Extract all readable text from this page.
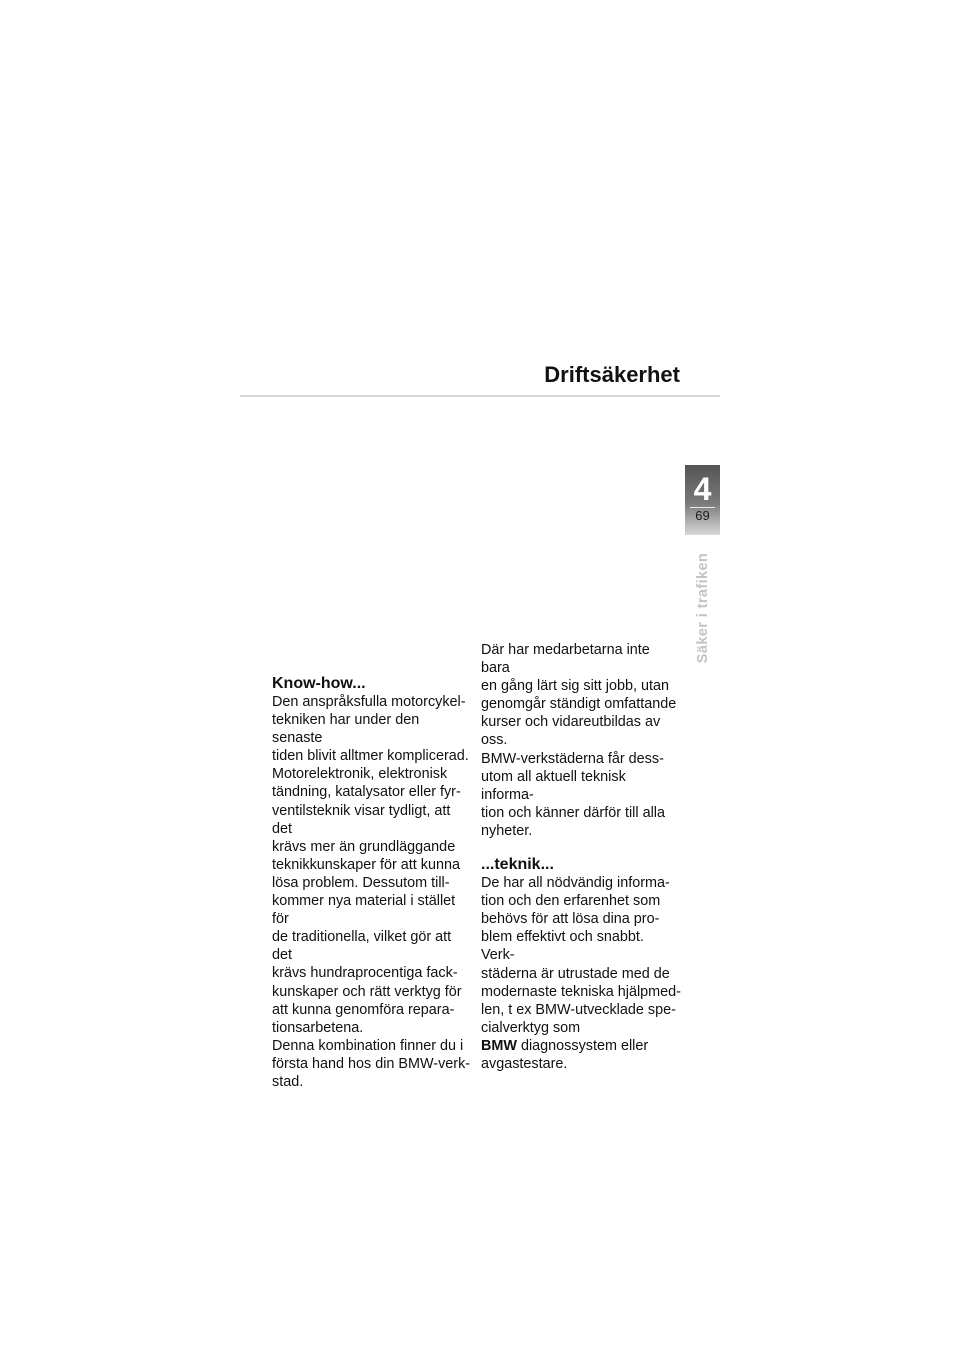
Driftsäkerhet
4
69
Säker i trafiken
Know-how...

Den anspråksfulla motorcykel-

tekniken har under den senaste

tiden blivit alltmer komplicerad.

Motorelektronik, elektronisk

tändning, katalysator eller fyr-

ventilsteknik visar tydligt, att det

krävs mer än grundläggande

teknikkunskaper för att kunna

lösa problem. Dessutom till-

kommer nya material i stället för

de traditionella, vilket gör att det

krävs hundraprocentiga fack-

kunskaper och rätt verktyg för

att kunna genomföra repara-

tionsarbetena.

Denna kombination finner du i

första hand hos din BMW-verk-

stad.

Där har medarbetarna inte bara

en gång lärt sig sitt jobb, utan

genomgår ständigt omfattande

kurser och vidareutbildas av

oss.

BMW-verkstäderna får dess-

utom all aktuell teknisk informa-

tion och känner därför till alla

nyheter.

...teknik...

De har all nödvändig informa-

tion och den erfarenhet som

behövs för att lösa dina pro-

blem effektivt och snabbt. Verk-

städerna är utrustade med de

modernaste tekniska hjälpmed-

len, t ex BMW-utvecklade spe-

cialverktyg som

BMW diagnossystem eller

avgastestare.
